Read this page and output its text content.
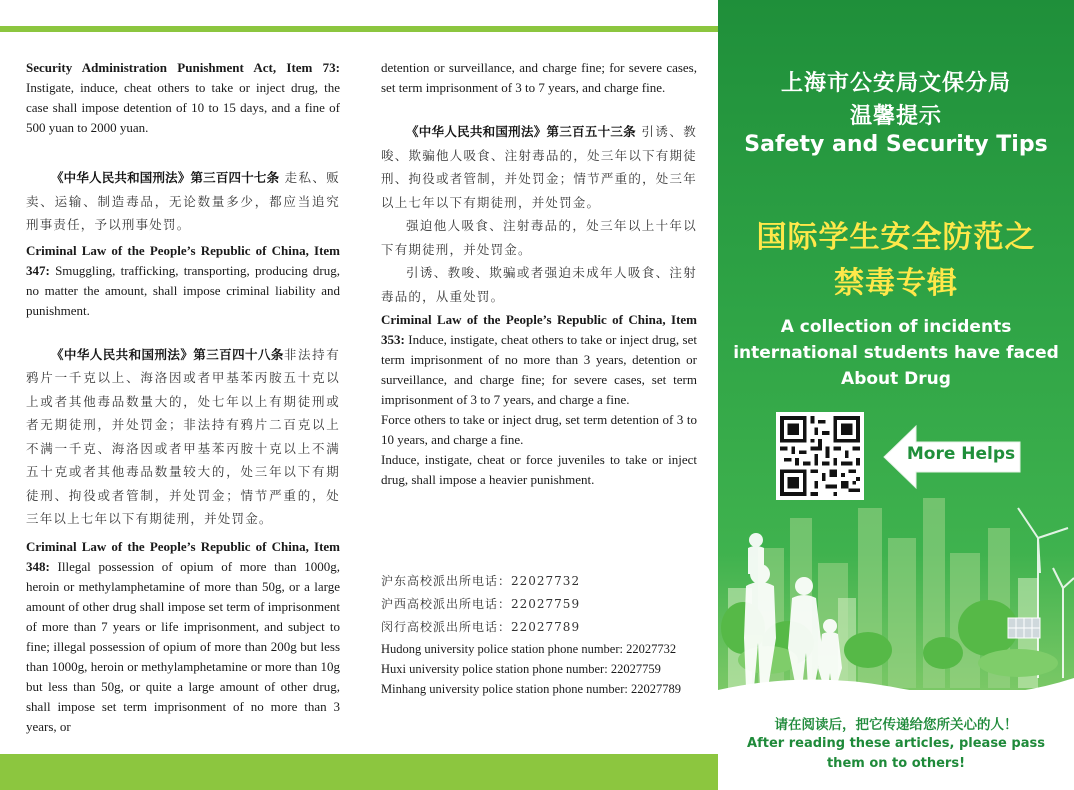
Security Administration Punishment Act, Item 73: Instigate, induce, cheat others to take or inject drug, the case shall impose detention of 10 to 15 days, and a fine of 500 yuan to 2000 yuan.

《中华人民共和国刑法》第三百四十七条 走私、贩卖、运输、制造毒品，无论数量多少，都应当追究刑事责任，予以刑事处罚。

Criminal Law of the People’s Republic of China, Item 347: Smuggling, trafficking, transporting, producing drug, no matter the amount, shall impose criminal liability and punishment.

《中华人民共和国刑法》第三百四十八条非法持有鸦片一千克以上、海洛因或者甲基苯丙胺五十克以上或者其他毒品数量大的，处七年以上有期徒刑或者无期徒刑，并处罚金；非法持有鸦片二百克以上不满一千克、海洛因或者甲基苯丙胺十克以上不满五十克或者其他毒品数量较大的，处三年以下有期徒刑、拘役或者管制，并处罚金；情节严重的，处三年以上七年以下有期徒刑，并处罚金。

Criminal Law of the People’s Republic of China, Item 348: Illegal possession of opium of more than 1000g, heroin or methylamphetamine of more than 50g, or a large amount of other drug shall impose set term of imprisonment of more than 7 years or life imprisonment, and subject to fine; illegal possession of opium of more than 200g but less than 1000g, heroin or methylamphetamine or more than 10g but less than 50g, or quite a large amount of other drug, shall impose set term imprisonment of no more than 3 years, or

detention or surveillance, and charge fine; for severe cases, set term imprisonment of 3 to 7 years, and charge fine.

《中华人民共和国刑法》第三百五十三条 引诱、教唆、欺骗他人吸食、注射毒品的，处三年以下有期徒刑、拘役或者管制，并处罚金；情节严重的，处三年以上七年以下有期徒刑，并处罚金。

强迫他人吸食、注射毒品的，处三年以上十年以下有期徒刑，并处罚金。

引诱、教唆、欺骗或者强迫未成年人吸食、注射毒品的，从重处罚。

Criminal Law of the People’s Republic of China, Item 353: Induce, instigate, cheat others to take or inject drug, set term imprisonment of no more than 3 years, detention or surveillance, and charge fine; for severe cases, set term imprisonment of 3 to 7 years, and charge a fine.

Force others to take or inject drug, set term detention of 3 to 10 years, and charge a fine.

Induce, instigate, cheat or force juveniles to take or inject drug, shall impose a heavier punishment.

沪东高校派出所电话：22027732

沪西高校派出所电话：22027759

闵行高校派出所电话：22027789

Hudong university police station phone number: 22027732

Huxi university police station phone number: 22027759

Minhang university police station phone number: 22027789

上海市公安局文保分局
温馨提示
Safety and Security Tips
国际学生安全防范之
禁毒专辑
A collection of incidents
international students have faced
About Drug
More Helps
请在阅读后，把它传递给您所关心的人！
After reading these articles, please pass
them on to others!
